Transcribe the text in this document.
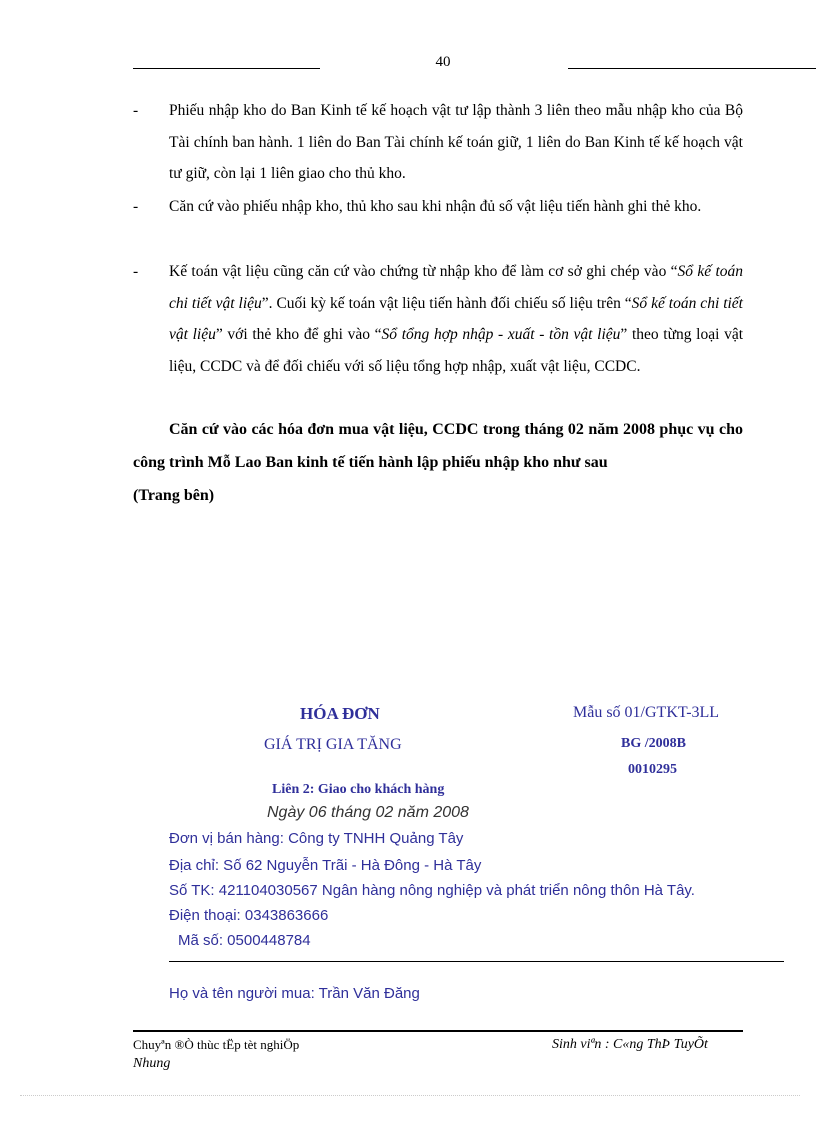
40
-	Phiếu nhập kho do Ban Kinh tế kế hoạch vật tư lập thành 3 liên theo mẫu nhập kho của Bộ Tài chính ban hành. 1 liên do Ban Tài chính kế toán giữ, 1 liên do Ban Kinh tế kế hoạch vật tư giữ, còn lại 1 liên giao cho thủ kho.
-	Căn cứ vào phiếu nhập kho, thủ kho sau khi nhận đủ số vật liệu tiến hành ghi thẻ kho.
-	Kế toán vật liệu cũng căn cứ vào chứng từ nhập kho để làm cơ sở ghi chép vào “Sổ kế toán chi tiết vật liệu”. Cuối kỳ kế toán vật liệu tiến hành đối chiếu số liệu trên “Sổ kế toán chi tiết vật liệu” với thẻ kho để ghi vào “Sổ tổng hợp nhập - xuất - tồn vật liệu” theo từng loại vật liệu, CCDC và để đối chiếu với số liệu tổng hợp nhập, xuất vật liệu, CCDC.
Căn cứ vào các hóa đơn mua vật liệu, CCDC trong tháng 02 năm 2008 phục vụ cho công trình Mỗ Lao Ban kinh tế tiến hành lập phiếu nhập kho như sau
(Trang bên)
HÓA ĐƠN
GIÁ TRỊ GIA TĂNG
Mẫu số 01/GTKT-3LL
BG /2008B
0010295
Liên 2: Giao cho khách hàng
Ngày 06 tháng 02 năm 2008
Đơn vị bán hàng: Công ty TNHH Quảng Tây
Địa chỉ: Số 62 Nguyễn Trãi - Hà Đông - Hà Tây
Số TK: 421104030567 Ngân hàng nông nghiệp và phát triển nông thôn Hà Tây.
Điện thoại: 0343863666
Mã số: 0500448784
Họ và tên người mua: Trần Văn Đăng
Chuyªn ®Ò thùc tËp tèt nghiÖp
Nhung
Sinh viªn : C«ng ThÞ TuyÕt
